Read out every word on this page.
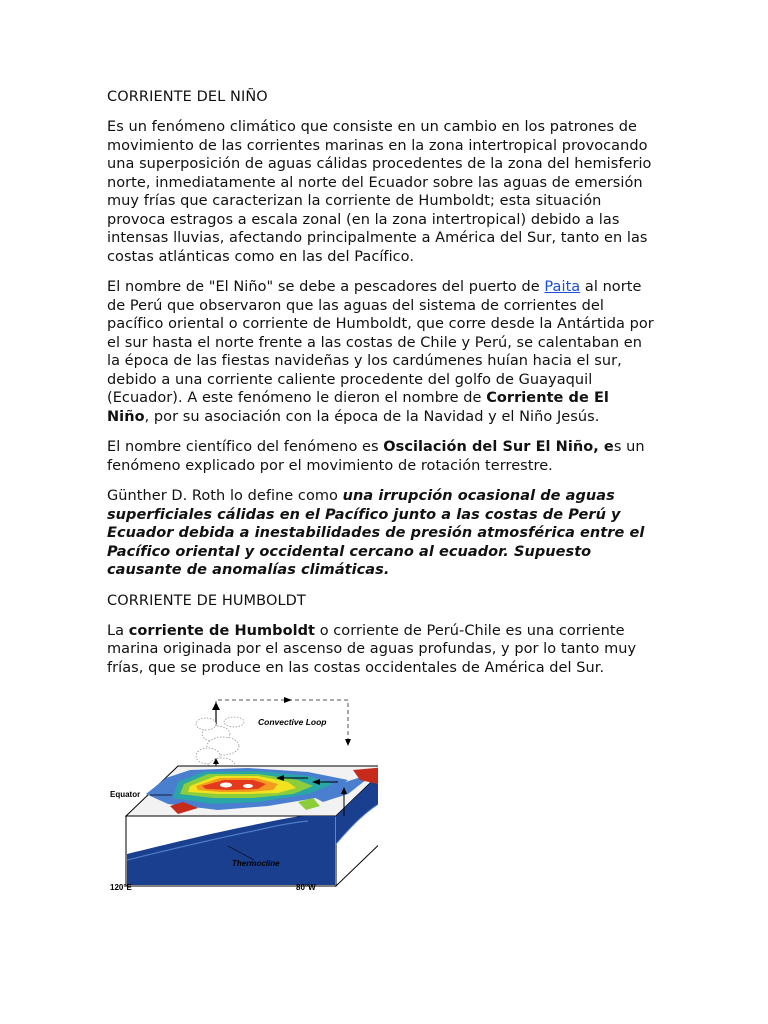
CORRIENTE DEL NIÑO

Es un fenómeno climático que consiste en un cambio en los patrones de movimiento de las corrientes marinas en la zona intertropical provocando una superposición de aguas cálidas procedentes de la zona del hemisferio norte, inmediatamente al norte del Ecuador sobre las aguas de emersión muy frías que caracterizan la corriente de Humboldt; esta situación provoca estragos a escala zonal (en la zona intertropical) debido a las intensas lluvias, afectando principalmente a América del Sur, tanto en las costas atlánticas como en las del Pacífico.

El nombre de "El Niño" se debe a pescadores del puerto de Paita al norte de Perú que observaron que las aguas del sistema de corrientes del pacífico oriental o corriente de Humboldt, que corre desde la Antártida por el sur hasta el norte frente a las costas de Chile y Perú, se calentaban en la época de las fiestas navideñas y los cardúmenes huían hacia el sur, debido a una corriente caliente procedente del golfo de Guayaquil (Ecuador). A este fenómeno le dieron el nombre de Corriente de El Niño, por su asociación con la época de la Navidad y el Niño Jesús.

El nombre científico del fenómeno es Oscilación del Sur El Niño, es un fenómeno explicado por el movimiento de rotación terrestre.

Günther D. Roth lo define como una irrupción ocasional de aguas superficiales cálidas en el Pacífico junto a las costas de Perú y Ecuador debida a inestabilidades de presión atmosférica entre el Pacífico oriental y occidental cercano al ecuador. Supuesto causante de anomalías climáticas.

CORRIENTE DE HUMBOLDT

La corriente de Humboldt o corriente de Perú-Chile es una corriente marina originada por el ascenso de aguas profundas, y por lo tanto muy frías, que se produce en las costas occidentales de América del Sur.

Convective Loop
Equator
Thermocline
120°E	80°W
